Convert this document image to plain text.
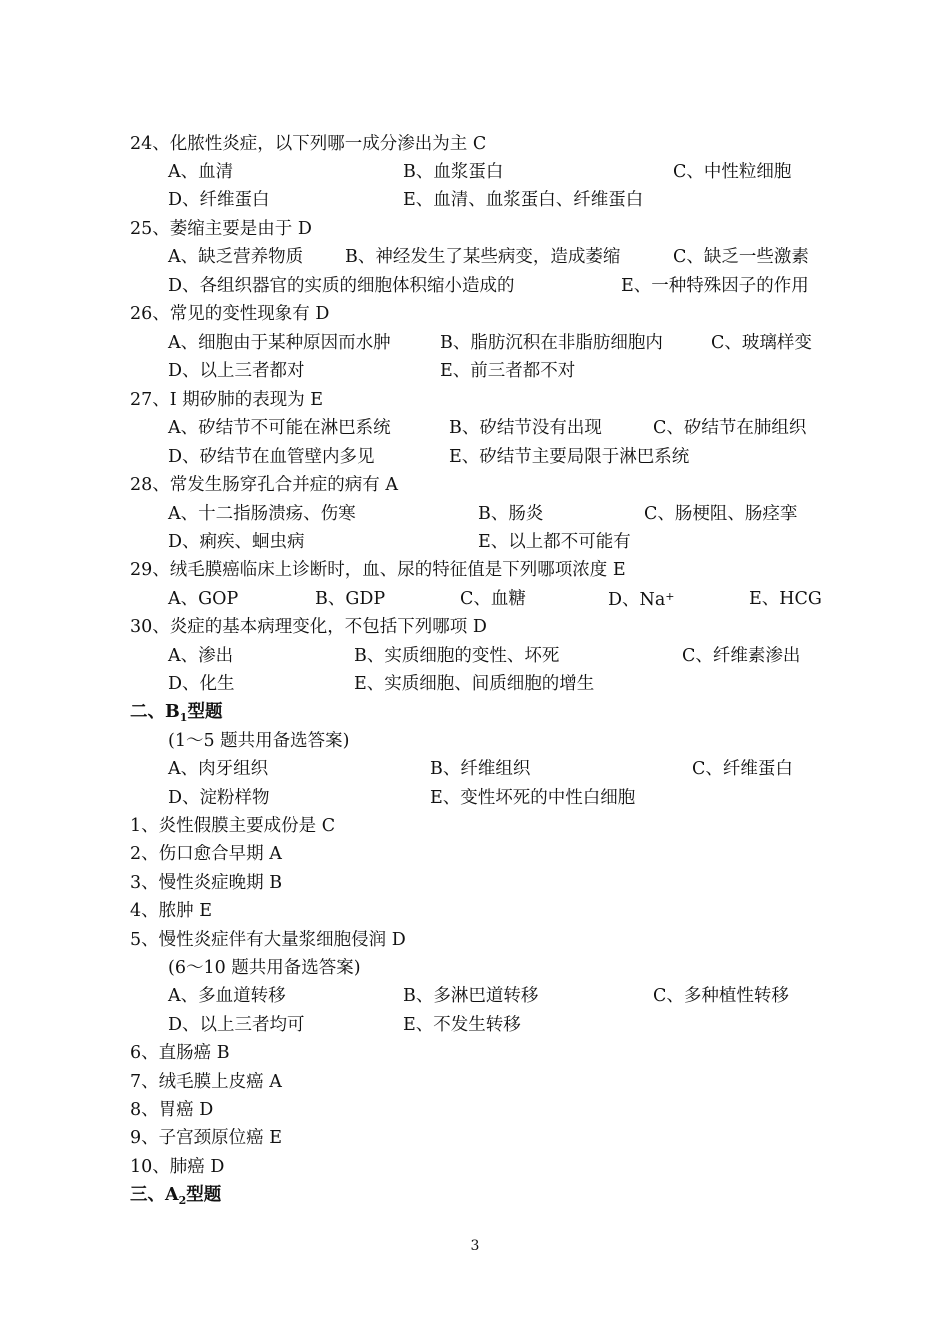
24、化脓性炎症，以下列哪一成分渗出为主 C
A、血清	B、血浆蛋白	C、中性粒细胞
D、纤维蛋白	E、血清、血浆蛋白、纤维蛋白
25、萎缩主要是由于 D
A、缺乏营养物质 B、神经发生了某些病变，造成萎缩	C、缺乏一些激素
D、各组织器官的实质的细胞体积缩小造成的	E、一种特殊因子的作用
26、常见的变性现象有 D
A、细胞由于某种原因而水肿	B、脂肪沉积在非脂肪细胞内	C、玻璃样变
D、以上三者都对	E、前三者都不对
27、I 期矽肺的表现为 E
A、矽结节不可能在淋巴系统	B、矽结节没有出现	C、矽结节在肺组织
D、矽结节在血管壁内多见	E、矽结节主要局限于淋巴系统
28、常发生肠穿孔合并症的病有 A
A、十二指肠溃疡、伤寒	B、肠炎	C、肠梗阻、肠痉挛
D、痢疾、蛔虫病	E、以上都不可能有
29、绒毛膜癌临床上诊断时，血、尿的特征值是下列哪项浓度 E
A、GOP	B、GDP	C、血糖	D、Na+	E、HCG
30、炎症的基本病理变化，不包括下列哪项 D
A、渗出	B、实质细胞的变性、坏死	C、纤维素渗出
D、化生	E、实质细胞、间质细胞的增生
二、$B_1$型题
(1～5 题共用备选答案)
A、肉牙组织	B、纤维组织	C、纤维蛋白
D、淀粉样物	E、变性坏死的中性白细胞
1、炎性假膜主要成份是 C
2、伤口愈合早期 A
3、慢性炎症晚期 B
4、脓肿 E
5、慢性炎症伴有大量浆细胞侵润 D
(6～10 题共用备选答案)
A、多血道转移	B、多淋巴道转移	C、多种植性转移
D、以上三者均可	E、不发生转移
6、直肠癌 B
7、绒毛膜上皮癌 A
8、胃癌 D
9、子宫颈原位癌 E
10、肺癌 D
三、$A_2$型题
3
